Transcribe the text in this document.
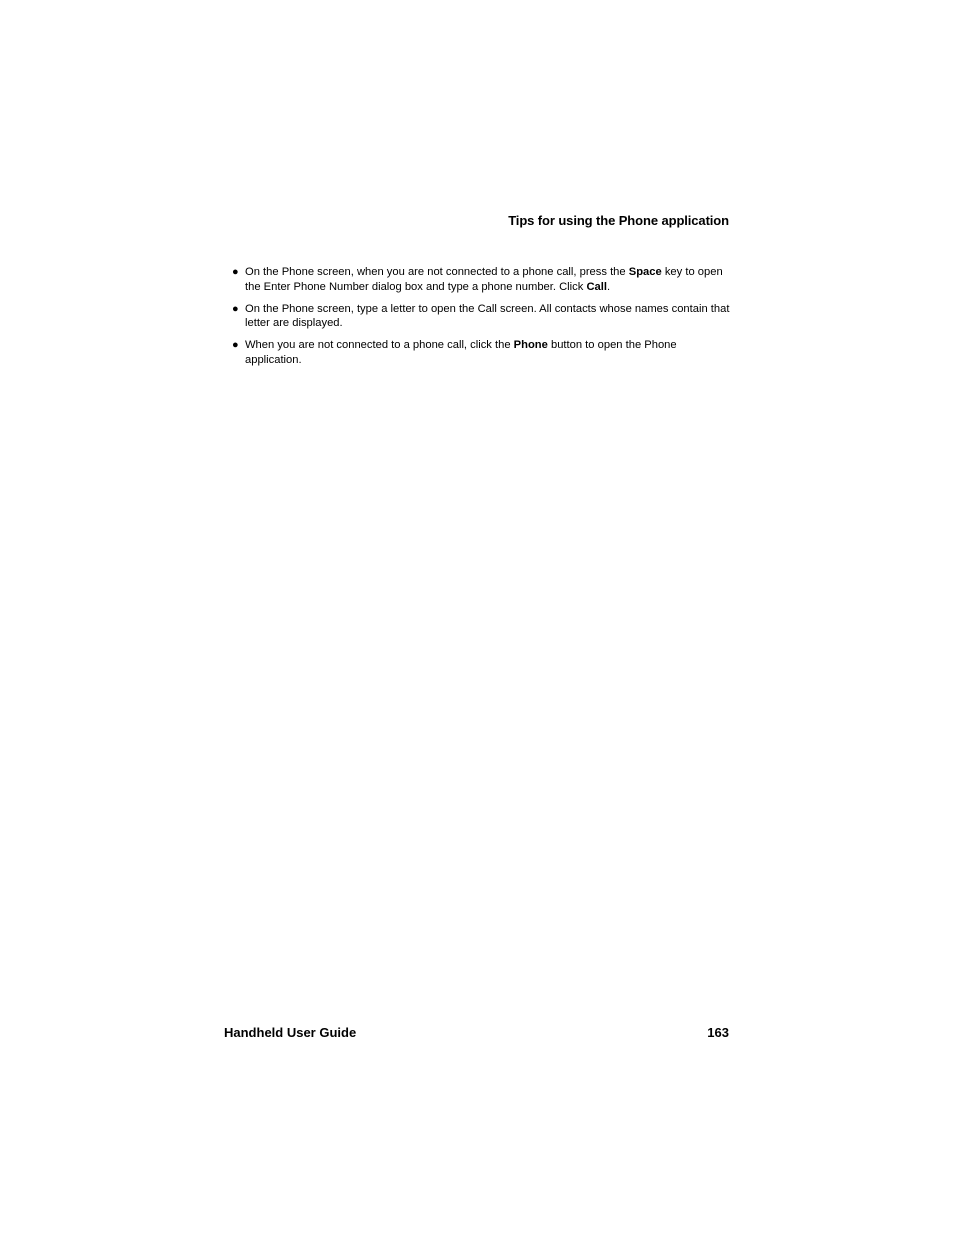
Tips for using the Phone application
● On the Phone screen, when you are not connected to a phone call, press the Space key to open the Enter Phone Number dialog box and type a phone number. Click Call.
● On the Phone screen, type a letter to open the Call screen. All contacts whose names contain that letter are displayed.
● When you are not connected to a phone call, click the Phone button to open the Phone application.
Handheld User Guide	163
